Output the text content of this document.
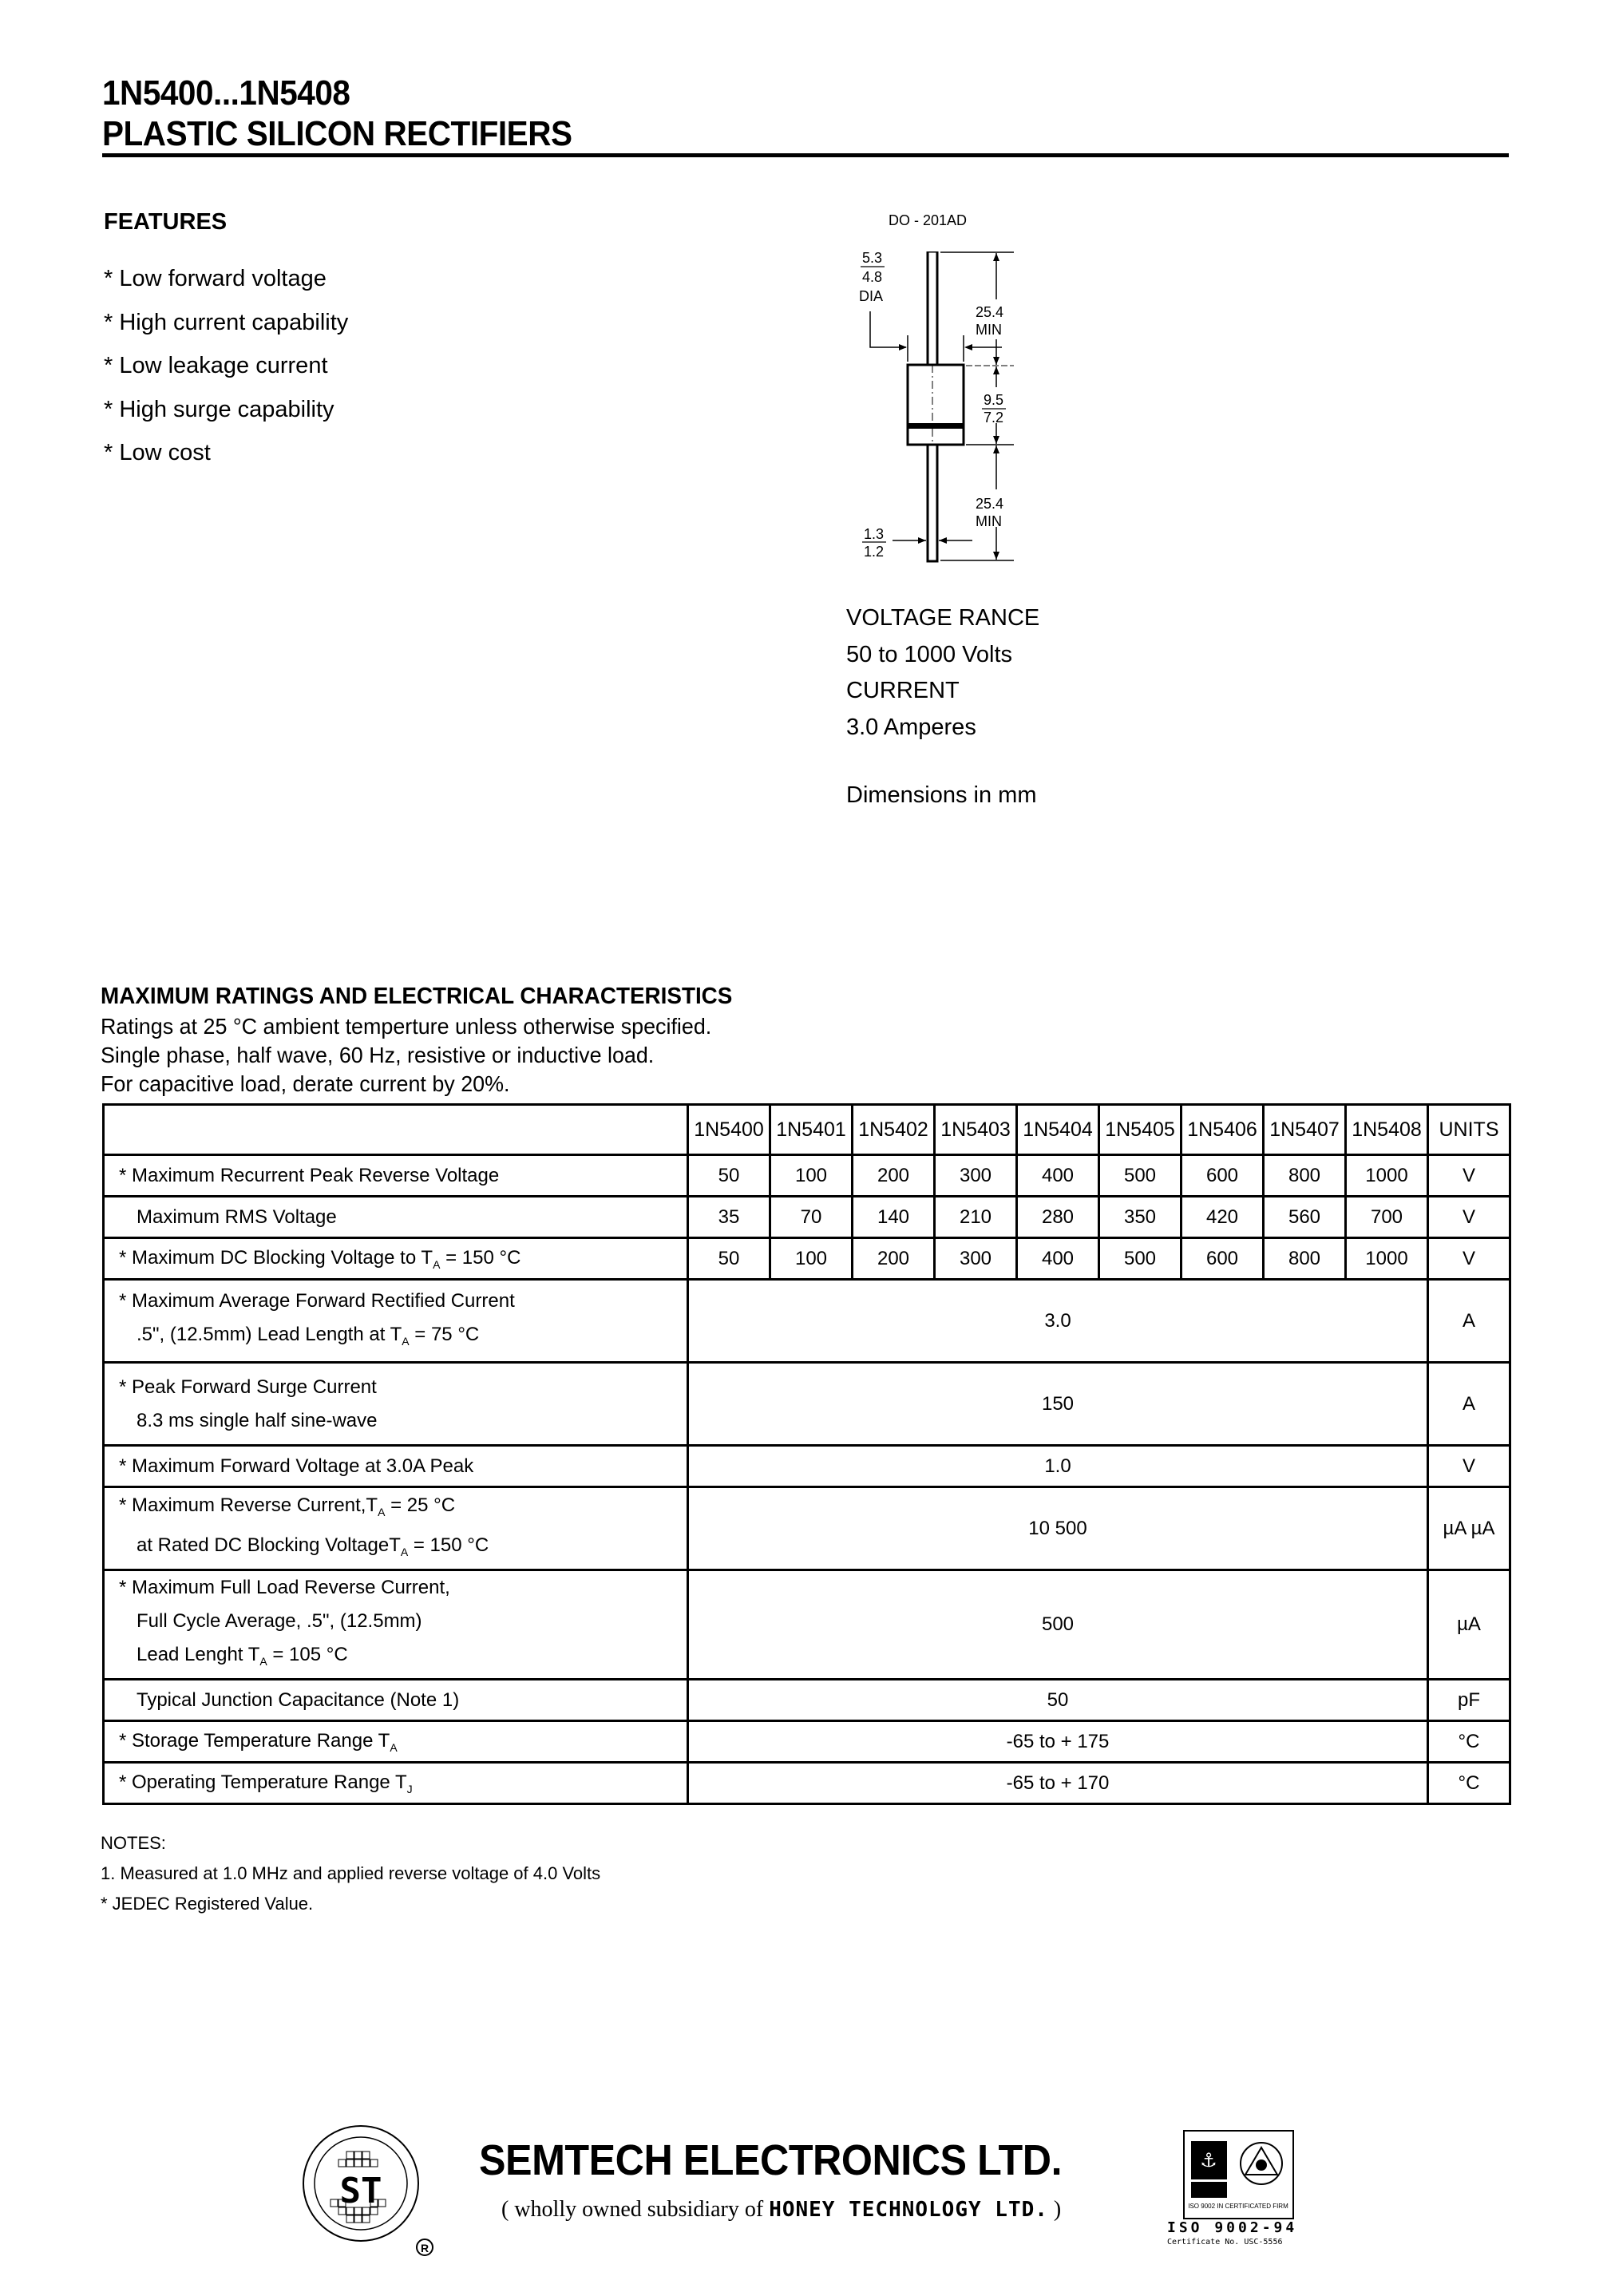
1N5400...1N5408
PLASTIC SILICON RECTIFIERS
FEATURES
* Low forward voltage
* High current capability
* Low leakage current
* High surge capability
* Low cost
DO - 201AD
5.3
4.8
DIA
25.4
MIN
9.5
7.2
25.4
MIN
1.3
1.2
VOLTAGE RANCE
50 to 1000 Volts
CURRENT
3.0 Amperes
Dimensions in mm
MAXIMUM RATINGS AND ELECTRICAL CHARACTERISTICS
Ratings at 25 °C ambient temperture unless otherwise specified.
Single phase, half wave, 60 Hz, resistive or inductive load.
For capacitive load, derate current by 20%.
	1N5400	1N5401	1N5402	1N5403	1N5404	1N5405	1N5406	1N5407	1N5408	UNITS
* Maximum Recurrent Peak Reverse Voltage	50	100	200	300	400	500	600	800	1000	V
Maximum RMS Voltage	35	70	140	210	280	350	420	560	700	V
* Maximum DC Blocking Voltage to $T_A = 150$ °C	50	100	200	300	400	500	600	800	1000	V

* Maximum Average Forward Rectified Current
.5", (12.5mm) Lead Length at $T_A = 75$ °C	3.0									A

* Peak Forward Surge Current
8.3 ms single half sine-wave	150									A
* Maximum Forward Voltage at 3.0A Peak	1.0									V

* Maximum Reverse $Current,T_A = 25$ °C
at Rated DC Blocking VoltageT$_A$ = 150 °C	10 500									µA µA

* Maximum Full Load Reverse Current,
Full Cycle Average, .5", (12.5mm)
Lead Lenght $T_A = 105$ °C	500									µA
Typical Junction Capacitance (Note 1)	50									pF
* Storage Temperature Range $T_A$	-65 to + 175									°C
* Operating Temperature Range $T_J$	-65 to + 170									°C
NOTES:
1. Measured at 1.0 MHz and applied reverse voltage of 4.0 Volts
* JEDEC Registered Value.
ST
R
SEMTECH ELECTRONICS LTD.
( wholly owned subsidiary of HONEY TECHNOLOGY LTD. )
⚓
ISO 9002 IN CERTIFICATED FIRM
ISO 9002-94
Certificate No. USC-5556
